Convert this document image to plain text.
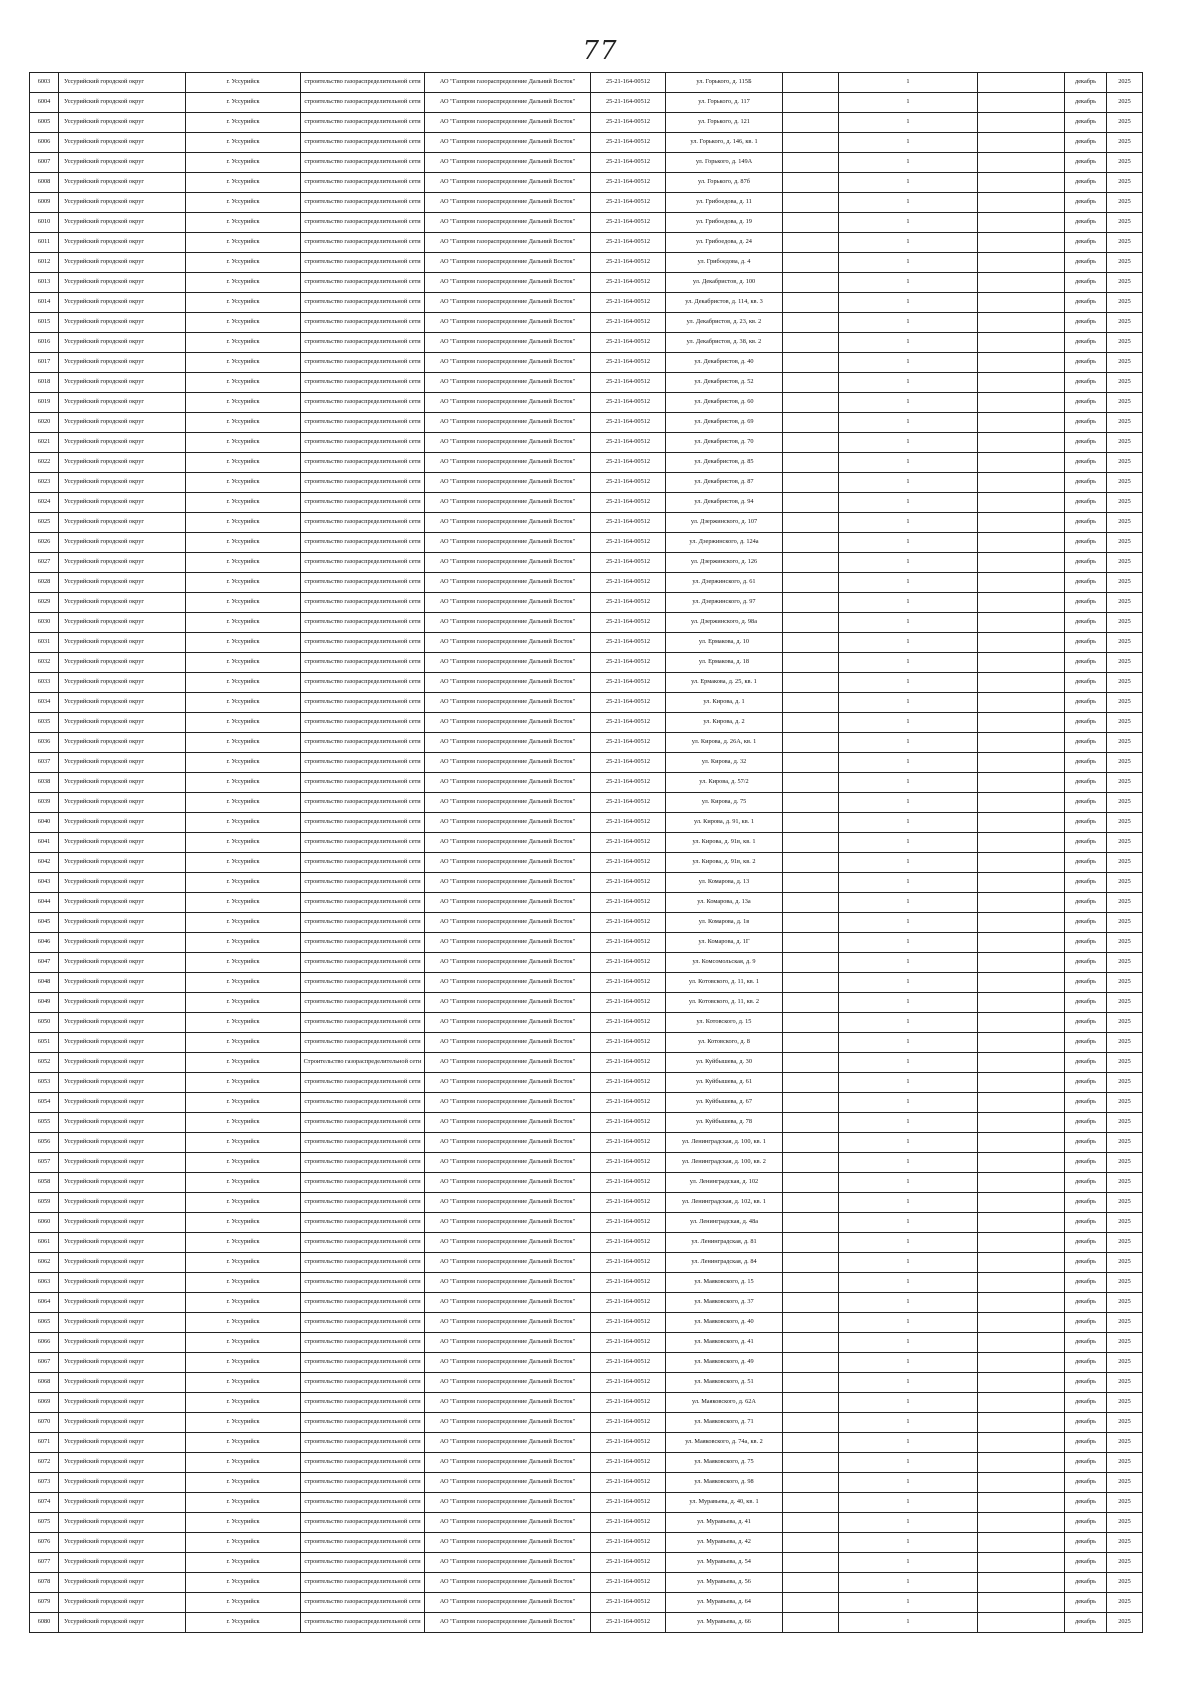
77
6003	Уссурийский городской округ	г. Уссурийск	строительство газораспределительной сети	АО "Газпром газораспределение Дальний Восток"	25-21-164-00512	ул. Горького, д. 115Б		1		декабрь	2025
6004	Уссурийский городской округ	г. Уссурийск	строительство газораспределительной сети	АО "Газпром газораспределение Дальний Восток"	25-21-164-00512	ул. Горького, д. 117		1		декабрь	2025
6005	Уссурийский городской округ	г. Уссурийск	строительство газораспределительной сети	АО "Газпром газораспределение Дальний Восток"	25-21-164-00512	ул. Горького, д. 121		1		декабрь	2025
6006	Уссурийский городской округ	г. Уссурийск	строительство газораспределительной сети	АО "Газпром газораспределение Дальний Восток"	25-21-164-00512	ул. Горького, д. 146, кв. 1		1		декабрь	2025
6007	Уссурийский городской округ	г. Уссурийск	строительство газораспределительной сети	АО "Газпром газораспределение Дальний Восток"	25-21-164-00512	ул. Горького, д. 149А		1		декабрь	2025
6008	Уссурийский городской округ	г. Уссурийск	строительство газораспределительной сети	АО "Газпром газораспределение Дальний Восток"	25-21-164-00512	ул. Горького, д. 87б		1		декабрь	2025
6009	Уссурийский городской округ	г. Уссурийск	строительство газораспределительной сети	АО "Газпром газораспределение Дальний Восток"	25-21-164-00512	ул. Грибоедова, д. 11		1		декабрь	2025
6010	Уссурийский городской округ	г. Уссурийск	строительство газораспределительной сети	АО "Газпром газораспределение Дальний Восток"	25-21-164-00512	ул. Грибоедова, д. 19		1		декабрь	2025
6011	Уссурийский городской округ	г. Уссурийск	строительство газораспределительной сети	АО "Газпром газораспределение Дальний Восток"	25-21-164-00512	ул. Грибоедова, д. 24		1		декабрь	2025
6012	Уссурийский городской округ	г. Уссурийск	строительство газораспределительной сети	АО "Газпром газораспределение Дальний Восток"	25-21-164-00512	ул. Грибоедова, д. 4		1		декабрь	2025
6013	Уссурийский городской округ	г. Уссурийск	строительство газораспределительной сети	АО "Газпром газораспределение Дальний Восток"	25-21-164-00512	ул. Декабристов, д. 100		1		декабрь	2025
6014	Уссурийский городской округ	г. Уссурийск	строительство газораспределительной сети	АО "Газпром газораспределение Дальний Восток"	25-21-164-00512	ул. Декабристов, д. 114, кв. 3		1		декабрь	2025
6015	Уссурийский городской округ	г. Уссурийск	строительство газораспределительной сети	АО "Газпром газораспределение Дальний Восток"	25-21-164-00512	ул. Декабристов, д. 23, кв. 2		1		декабрь	2025
6016	Уссурийский городской округ	г. Уссурийск	строительство газораспределительной сети	АО "Газпром газораспределение Дальний Восток"	25-21-164-00512	ул. Декабристов, д. 38, кв. 2		1		декабрь	2025
6017	Уссурийский городской округ	г. Уссурийск	строительство газораспределительной сети	АО "Газпром газораспределение Дальний Восток"	25-21-164-00512	ул. Декабристов, д. 40		1		декабрь	2025
6018	Уссурийский городской округ	г. Уссурийск	строительство газораспределительной сети	АО "Газпром газораспределение Дальний Восток"	25-21-164-00512	ул. Декабристов, д. 52		1		декабрь	2025
6019	Уссурийский городской округ	г. Уссурийск	строительство газораспределительной сети	АО "Газпром газораспределение Дальний Восток"	25-21-164-00512	ул. Декабристов, д. 60		1		декабрь	2025
6020	Уссурийский городской округ	г. Уссурийск	строительство газораспределительной сети	АО "Газпром газораспределение Дальний Восток"	25-21-164-00512	ул. Декабристов, д. 69		1		декабрь	2025
6021	Уссурийский городской округ	г. Уссурийск	строительство газораспределительной сети	АО "Газпром газораспределение Дальний Восток"	25-21-164-00512	ул. Декабристов, д. 70		1		декабрь	2025
6022	Уссурийский городской округ	г. Уссурийск	строительство газораспределительной сети	АО "Газпром газораспределение Дальний Восток"	25-21-164-00512	ул. Декабристов, д. 85		1		декабрь	2025
6023	Уссурийский городской округ	г. Уссурийск	строительство газораспределительной сети	АО "Газпром газораспределение Дальний Восток"	25-21-164-00512	ул. Декабристов, д. 87		1		декабрь	2025
6024	Уссурийский городской округ	г. Уссурийск	строительство газораспределительной сети	АО "Газпром газораспределение Дальний Восток"	25-21-164-00512	ул. Декабристов, д. 94		1		декабрь	2025
6025	Уссурийский городской округ	г. Уссурийск	строительство газораспределительной сети	АО "Газпром газораспределение Дальний Восток"	25-21-164-00512	ул. Дзержинского, д. 107		1		декабрь	2025
6026	Уссурийский городской округ	г. Уссурийск	строительство газораспределительной сети	АО "Газпром газораспределение Дальний Восток"	25-21-164-00512	ул. Дзержинского, д. 124а		1		декабрь	2025
6027	Уссурийский городской округ	г. Уссурийск	строительство газораспределительной сети	АО "Газпром газораспределение Дальний Восток"	25-21-164-00512	ул. Дзержинского, д. 126		1		декабрь	2025
6028	Уссурийский городской округ	г. Уссурийск	строительство газораспределительной сети	АО "Газпром газораспределение Дальний Восток"	25-21-164-00512	ул. Дзержинского, д. 61		1		декабрь	2025
6029	Уссурийский городской округ	г. Уссурийск	строительство газораспределительной сети	АО "Газпром газораспределение Дальний Восток"	25-21-164-00512	ул. Дзержинского, д. 97		1		декабрь	2025
6030	Уссурийский городской округ	г. Уссурийск	строительство газораспределительной сети	АО "Газпром газораспределение Дальний Восток"	25-21-164-00512	ул. Дзержинского, д. 98а		1		декабрь	2025
6031	Уссурийский городской округ	г. Уссурийск	строительство газораспределительной сети	АО "Газпром газораспределение Дальний Восток"	25-21-164-00512	ул. Ермакова, д. 10		1		декабрь	2025
6032	Уссурийский городской округ	г. Уссурийск	строительство газораспределительной сети	АО "Газпром газораспределение Дальний Восток"	25-21-164-00512	ул. Ермакова, д. 18		1		декабрь	2025
6033	Уссурийский городской округ	г. Уссурийск	строительство газораспределительной сети	АО "Газпром газораспределение Дальний Восток"	25-21-164-00512	ул. Ермакова, д. 25, кв. 1		1		декабрь	2025
6034	Уссурийский городской округ	г. Уссурийск	строительство газораспределительной сети	АО "Газпром газораспределение Дальний Восток"	25-21-164-00512	ул. Кирова, д. 1		1		декабрь	2025
6035	Уссурийский городской округ	г. Уссурийск	строительство газораспределительной сети	АО "Газпром газораспределение Дальний Восток"	25-21-164-00512	ул. Кирова, д. 2		1		декабрь	2025
6036	Уссурийский городской округ	г. Уссурийск	строительство газораспределительной сети	АО "Газпром газораспределение Дальний Восток"	25-21-164-00512	ул. Кирова, д. 26А, кв. 1		1		декабрь	2025
6037	Уссурийский городской округ	г. Уссурийск	строительство газораспределительной сети	АО "Газпром газораспределение Дальний Восток"	25-21-164-00512	ул. Кирова, д. 32		1		декабрь	2025
6038	Уссурийский городской округ	г. Уссурийск	строительство газораспределительной сети	АО "Газпром газораспределение Дальний Восток"	25-21-164-00512	ул. Кирова, д. 57/2		1		декабрь	2025
6039	Уссурийский городской округ	г. Уссурийск	строительство газораспределительной сети	АО "Газпром газораспределение Дальний Восток"	25-21-164-00512	ул. Кирова, д. 75		1		декабрь	2025
6040	Уссурийский городской округ	г. Уссурийск	строительство газораспределительной сети	АО "Газпром газораспределение Дальний Восток"	25-21-164-00512	ул. Кирова, д. 91, кв. 1		1		декабрь	2025
6041	Уссурийский городской округ	г. Уссурийск	строительство газораспределительной сети	АО "Газпром газораспределение Дальний Восток"	25-21-164-00512	ул. Кирова, д. 91в, кв. 1		1		декабрь	2025
6042	Уссурийский городской округ	г. Уссурийск	строительство газораспределительной сети	АО "Газпром газораспределение Дальний Восток"	25-21-164-00512	ул. Кирова, д. 91в, кв. 2		1		декабрь	2025
6043	Уссурийский городской округ	г. Уссурийск	строительство газораспределительной сети	АО "Газпром газораспределение Дальний Восток"	25-21-164-00512	ул. Комарова, д. 13		1		декабрь	2025
6044	Уссурийский городской округ	г. Уссурийск	строительство газораспределительной сети	АО "Газпром газораспределение Дальний Восток"	25-21-164-00512	ул. Комарова, д. 13а		1		декабрь	2025
6045	Уссурийский городской округ	г. Уссурийск	строительство газораспределительной сети	АО "Газпром газораспределение Дальний Восток"	25-21-164-00512	ул. Комарова, д. 1в		1		декабрь	2025
6046	Уссурийский городской округ	г. Уссурийск	строительство газораспределительной сети	АО "Газпром газораспределение Дальний Восток"	25-21-164-00512	ул. Комарова, д. 1Г		1		декабрь	2025
6047	Уссурийский городской округ	г. Уссурийск	строительство газораспределительной сети	АО "Газпром газораспределение Дальний Восток"	25-21-164-00512	ул. Комсомольская, д. 9		1		декабрь	2025
6048	Уссурийский городской округ	г. Уссурийск	строительство газораспределительной сети	АО "Газпром газораспределение Дальний Восток"	25-21-164-00512	ул. Котовского, д. 11, кв. 1		1		декабрь	2025
6049	Уссурийский городской округ	г. Уссурийск	строительство газораспределительной сети	АО "Газпром газораспределение Дальний Восток"	25-21-164-00512	ул. Котовского, д. 11, кв. 2		1		декабрь	2025
6050	Уссурийский городской округ	г. Уссурийск	строительство газораспределительной сети	АО "Газпром газораспределение Дальний Восток"	25-21-164-00512	ул. Котовского, д. 15		1		декабрь	2025
6051	Уссурийский городской округ	г. Уссурийск	строительство газораспределительной сети	АО "Газпром газораспределение Дальний Восток"	25-21-164-00512	ул. Котовского, д. 8		1		декабрь	2025
6052	Уссурийский городской округ	г. Уссурийск	Строительство газораспределительной сети	АО "Газпром газораспределение Дальний Восток"	25-21-164-00512	ул. Куйбышева, д. 30		1		декабрь	2025
6053	Уссурийский городской округ	г. Уссурийск	строительство газораспределительной сети	АО "Газпром газораспределение Дальний Восток"	25-21-164-00512	ул. Куйбышева, д. 61		1		декабрь	2025
6054	Уссурийский городской округ	г. Уссурийск	строительство газораспределительной сети	АО "Газпром газораспределение Дальний Восток"	25-21-164-00512	ул. Куйбышева, д. 67		1		декабрь	2025
6055	Уссурийский городской округ	г. Уссурийск	строительство газораспределительной сети	АО "Газпром газораспределение Дальний Восток"	25-21-164-00512	ул. Куйбышева, д. 78		1		декабрь	2025
6056	Уссурийский городской округ	г. Уссурийск	строительство газораспределительной сети	АО "Газпром газораспределение Дальний Восток"	25-21-164-00512	ул. Ленинградская, д. 100, кв. 1		1		декабрь	2025
6057	Уссурийский городской округ	г. Уссурийск	строительство газораспределительной сети	АО "Газпром газораспределение Дальний Восток"	25-21-164-00512	ул. Ленинградская, д. 100, кв. 2		1		декабрь	2025
6058	Уссурийский городской округ	г. Уссурийск	строительство газораспределительной сети	АО "Газпром газораспределение Дальний Восток"	25-21-164-00512	ул. Ленинградская, д. 102		1		декабрь	2025
6059	Уссурийский городской округ	г. Уссурийск	строительство газораспределительной сети	АО "Газпром газораспределение Дальний Восток"	25-21-164-00512	ул. Ленинградская, д. 102, кв. 1		1		декабрь	2025
6060	Уссурийский городской округ	г. Уссурийск	строительство газораспределительной сети	АО "Газпром газораспределение Дальний Восток"	25-21-164-00512	ул. Ленинградская, д. 48а		1		декабрь	2025
6061	Уссурийский городской округ	г. Уссурийск	строительство газораспределительной сети	АО "Газпром газораспределение Дальний Восток"	25-21-164-00512	ул. Ленинградская, д. 81		1		декабрь	2025
6062	Уссурийский городской округ	г. Уссурийск	строительство газораспределительной сети	АО "Газпром газораспределение Дальний Восток"	25-21-164-00512	ул. Ленинградская, д. 84		1		декабрь	2025
6063	Уссурийский городской округ	г. Уссурийск	строительство газораспределительной сети	АО "Газпром газораспределение Дальний Восток"	25-21-164-00512	ул. Маяковского, д. 15		1		декабрь	2025
6064	Уссурийский городской округ	г. Уссурийск	строительство газораспределительной сети	АО "Газпром газораспределение Дальний Восток"	25-21-164-00512	ул. Маяковского, д. 37		1		декабрь	2025
6065	Уссурийский городской округ	г. Уссурийск	строительство газораспределительной сети	АО "Газпром газораспределение Дальний Восток"	25-21-164-00512	ул. Маяковского, д. 40		1		декабрь	2025
6066	Уссурийский городской округ	г. Уссурийск	строительство газораспределительной сети	АО "Газпром газораспределение Дальний Восток"	25-21-164-00512	ул. Маяковского, д. 41		1		декабрь	2025
6067	Уссурийский городской округ	г. Уссурийск	строительство газораспределительной сети	АО "Газпром газораспределение Дальний Восток"	25-21-164-00512	ул. Маяковского, д. 49		1		декабрь	2025
6068	Уссурийский городской округ	г. Уссурийск	строительство газораспределительной сети	АО "Газпром газораспределение Дальний Восток"	25-21-164-00512	ул. Маяковского, д. 51		1		декабрь	2025
6069	Уссурийский городской округ	г. Уссурийск	строительство газораспределительной сети	АО "Газпром газораспределение Дальний Восток"	25-21-164-00512	ул. Маяковского, д. 62А		1		декабрь	2025
6070	Уссурийский городской округ	г. Уссурийск	строительство газораспределительной сети	АО "Газпром газораспределение Дальний Восток"	25-21-164-00512	ул. Маяковского, д. 71		1		декабрь	2025
6071	Уссурийский городской округ	г. Уссурийск	строительство газораспределительной сети	АО "Газпром газораспределение Дальний Восток"	25-21-164-00512	ул. Маяковского, д. 74а, кв. 2		1		декабрь	2025
6072	Уссурийский городской округ	г. Уссурийск	строительство газораспределительной сети	АО "Газпром газораспределение Дальний Восток"	25-21-164-00512	ул. Маяковского, д. 75		1		декабрь	2025
6073	Уссурийский городской округ	г. Уссурийск	строительство газораспределительной сети	АО "Газпром газораспределение Дальний Восток"	25-21-164-00512	ул. Маяковского, д. 98		1		декабрь	2025
6074	Уссурийский городской округ	г. Уссурийск	строительство газораспределительной сети	АО "Газпром газораспределение Дальний Восток"	25-21-164-00512	ул. Муравьева, д. 40, кв. 1		1		декабрь	2025
6075	Уссурийский городской округ	г. Уссурийск	строительство газораспределительной сети	АО "Газпром газораспределение Дальний Восток"	25-21-164-00512	ул. Муравьева, д. 41		1		декабрь	2025
6076	Уссурийский городской округ	г. Уссурийск	строительство газораспределительной сети	АО "Газпром газораспределение Дальний Восток"	25-21-164-00512	ул. Муравьева, д. 42		1		декабрь	2025
6077	Уссурийский городской округ	г. Уссурийск	строительство газораспределительной сети	АО "Газпром газораспределение Дальний Восток"	25-21-164-00512	ул. Муравьева, д. 54		1		декабрь	2025
6078	Уссурийский городской округ	г. Уссурийск	строительство газораспределительной сети	АО "Газпром газораспределение Дальний Восток"	25-21-164-00512	ул. Муравьева, д. 56		1		декабрь	2025
6079	Уссурийский городской округ	г. Уссурийск	строительство газораспределительной сети	АО "Газпром газораспределение Дальний Восток"	25-21-164-00512	ул. Муравьева, д. 64		1		декабрь	2025
6080	Уссурийский городской округ	г. Уссурийск	строительство газораспределительной сети	АО "Газпром газораспределение Дальний Восток"	25-21-164-00512	ул. Муравьева, д. 66		1		декабрь	2025
